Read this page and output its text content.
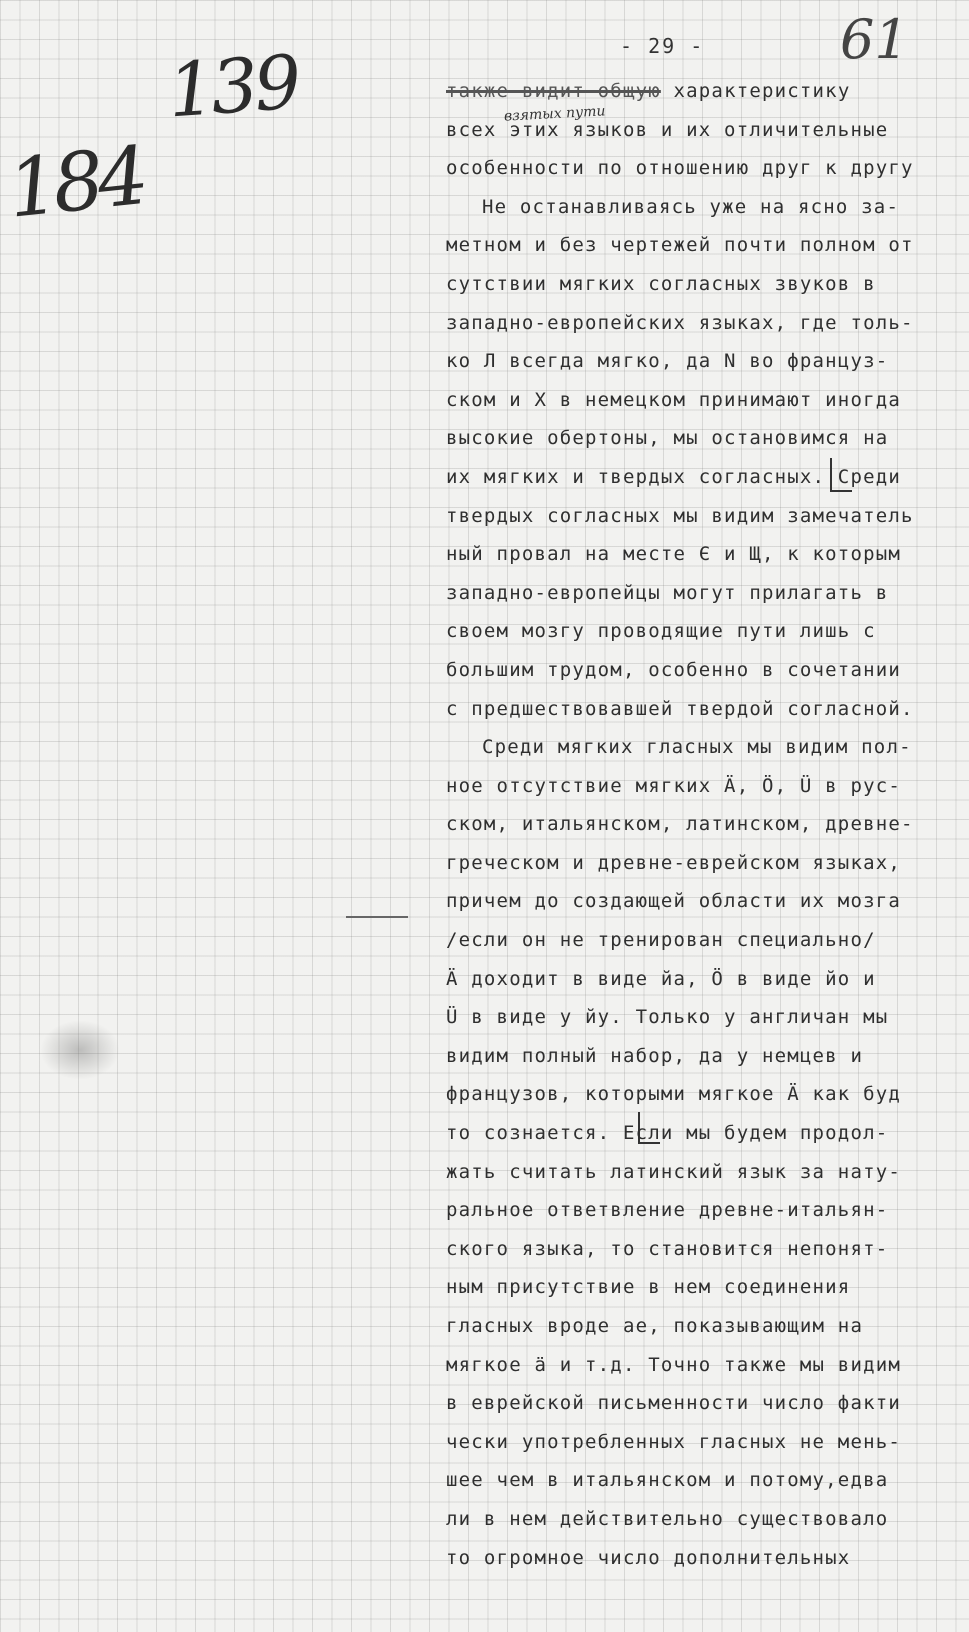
- 29 -	61
139
184
взятых пути
также видит общую характеристику
всех этих языков и их отличительные
особенности по отношению друг к другу
Не останавливаясь уже на ясно за-
метном и без чертежей почти полном от
сутствии мягких согласных звуков в
западно-европейских языках, где толь-
ко Л всегда мягко, да N во француз-
ском и Х в немецком принимают иногда
высокие обертоны, мы остановимся на
их мягких и твердых согласных. Среди
твердых согласных мы видим замечатель
ный провал на месте Є и Щ, к которым
западно-европейцы могут прилагать в
своем мозгу проводящие пути лишь с
большим трудом, особенно в сочетании
с предшествовавшей твердой согласной.
Среди мягких гласных мы видим пол-
ное отсутствие мягких Ä, Ö, Ü в рус-
ском, итальянском, латинском, древне-
греческом и древне-еврейском языках,
причем до создающей области их мозга
/если он не тренирован специально/
Ä доходит в виде йа, Ö в виде йо и
Ü в виде у йу. Только у англичан мы
видим полный набор, да у немцев и
французов, которыми мягкое Ä как буд
то сознается. Если мы будем продол-
жать считать латинский язык за нату-
ральное ответвление древне-итальян-
ского языка, то становится непонят-
ным присутствие в нем соединения
гласных вроде ае, показывающим на
мягкое ä и т.д. Точно также мы видим
в еврейской письменности число факти
чески употребленных гласных не мень-
шее чем в итальянском и потому,едва
ли в нем действительно существовало
то огромное число дополнительных
